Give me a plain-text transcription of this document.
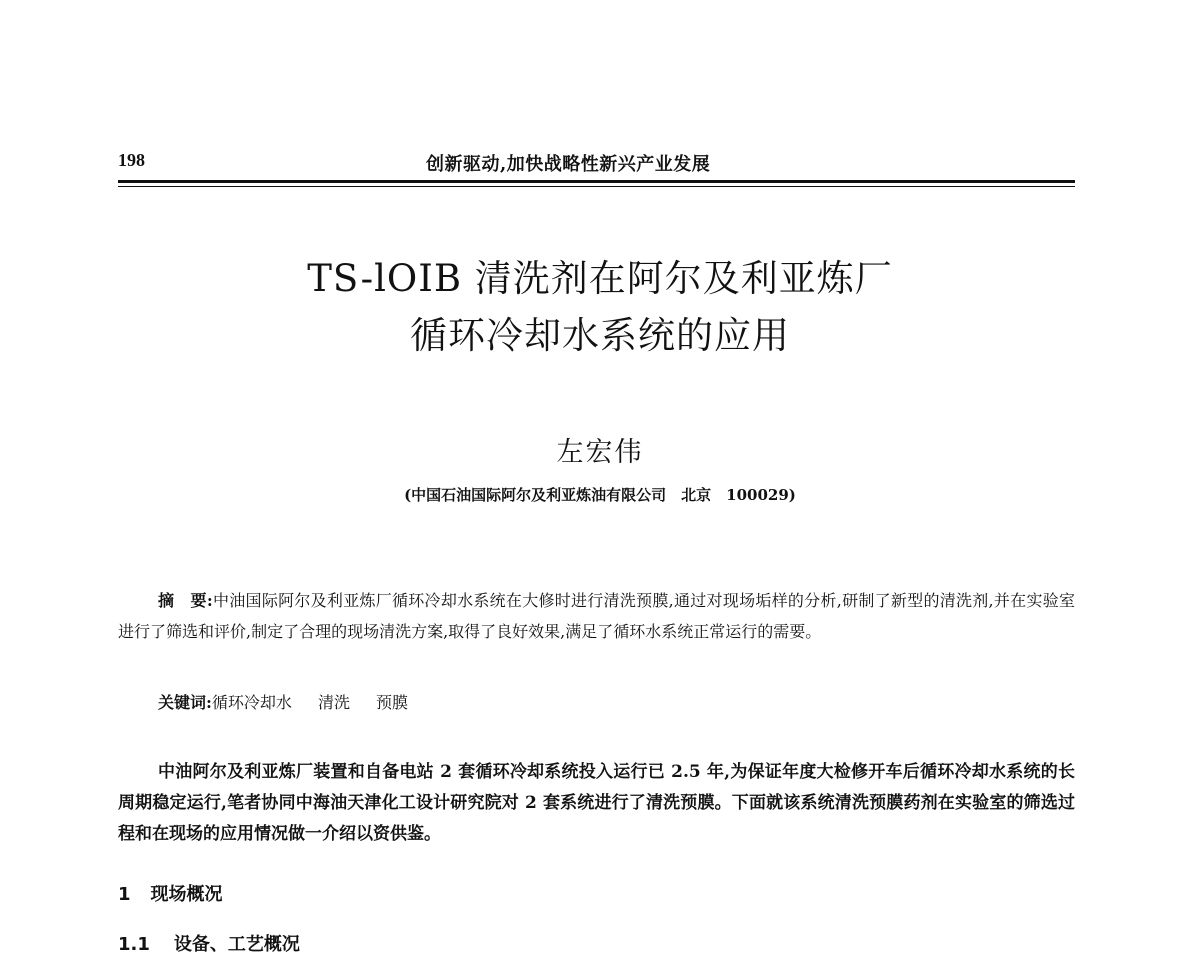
198	创新驱动,加快战略性新兴产业发展
TS-lOIB 清洗剂在阿尔及利亚炼厂
循环冷却水系统的应用
左宏伟
(中国石油国际阿尔及利亚炼油有限公司　北京　100029)
摘　要:中油国际阿尔及利亚炼厂循环冷却水系统在大修时进行清洗预膜,通过对现场垢样的分析,研制了新型的清洗剂,并在实验室进行了筛选和评价,制定了合理的现场清洗方案,取得了良好效果,满足了循环水系统正常运行的需要。
关键词:循环冷却水 清洗 预膜
中油阿尔及利亚炼厂装置和自备电站 2 套循环冷却系统投入运行已 2.5 年,为保证年度大检修开车后循环冷却水系统的长周期稳定运行,笔者协同中海油天津化工设计研究院对 2 套系统进行了清洗预膜。下面就该系统清洗预膜药剂在实验室的筛选过程和在现场的应用情况做一介绍以资供鉴。
1 现场概况
1.1 设备、工艺概况
